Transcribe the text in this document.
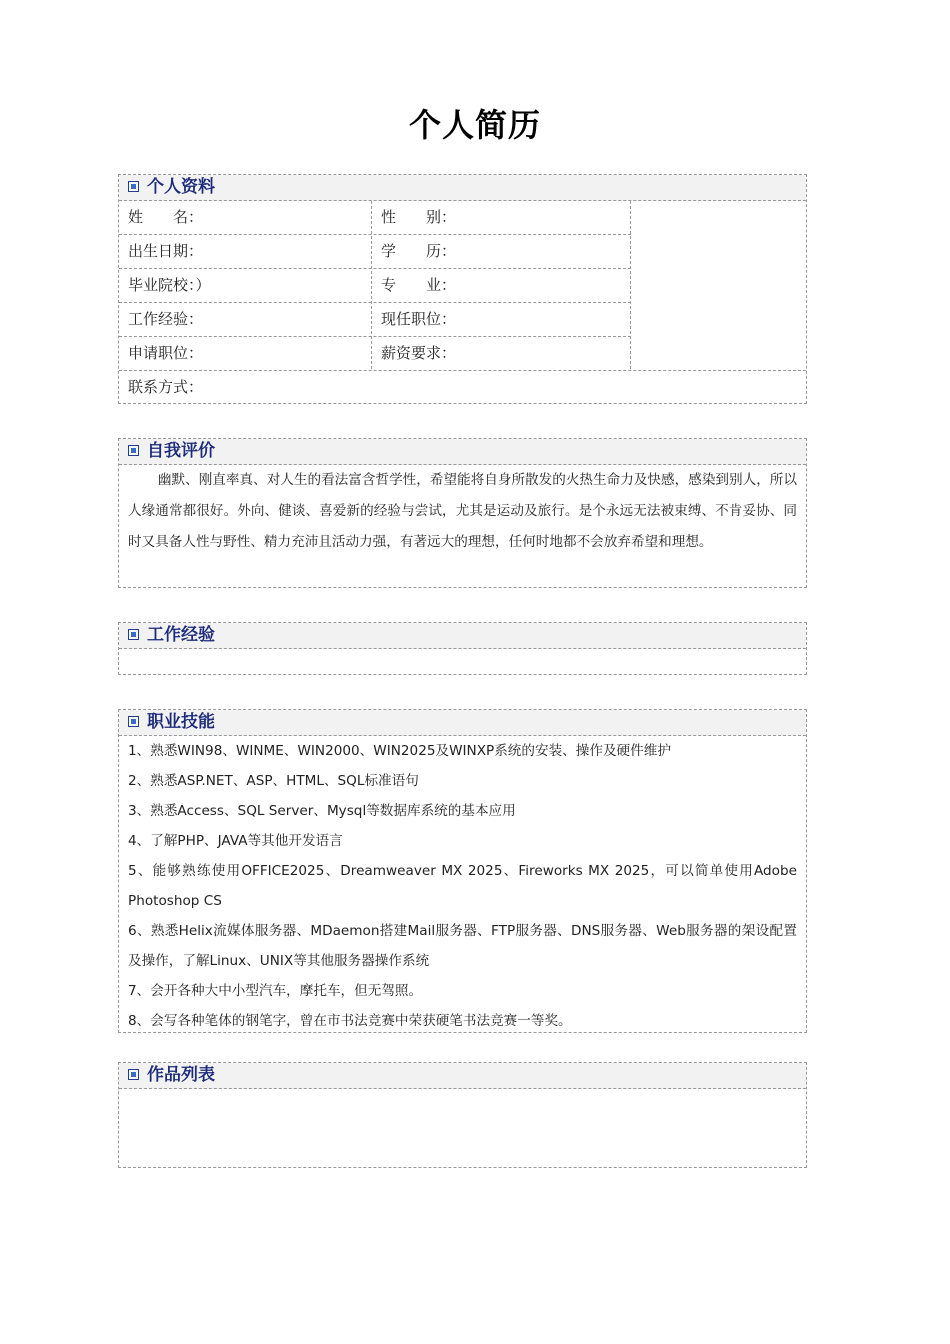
个人简历
个人资料
姓　　名：	性　　别：
出生日期：	学　　历：
毕业院校：）	专　　业：
工作经验：	现任职位：
申请职位：	薪资要求：
联系方式：
自我评价
幽默、刚直率真、对人生的看法富含哲学性，希望能将自身所散发的火热生命力及快感，感染到别人，所以人缘通常都很好。外向、健谈、喜爱新的经验与尝试，尤其是运动及旅行。是个永远无法被束缚、不肯妥协、同时又具备人性与野性、精力充沛且活动力强，有著远大的理想，任何时地都不会放弃希望和理想。
工作经验
职业技能
1、熟悉WIN98、WINME、WIN2000、WIN2025及WINXP系统的安装、操作及硬件维护
2、熟悉ASP.NET、ASP、HTML、SQL标准语句
3、熟悉Access、SQL Server、Mysql等数据库系统的基本应用
4、了解PHP、JAVA等其他开发语言
5、能够熟练使用OFFICE2025、Dreamweaver MX 2025、Fireworks MX 2025，可以简单使用Adobe Photoshop CS
6、熟悉Helix流媒体服务器、MDaemon搭建Mail服务器、FTP服务器、DNS服务器、Web服务器的架设配置及操作，了解Linux、UNIX等其他服务器操作系统
7、会开各种大中小型汽车，摩托车，但无驾照。
8、会写各种笔体的钢笔字，曾在市书法竞赛中荣获硬笔书法竞赛一等奖。
作品列表
